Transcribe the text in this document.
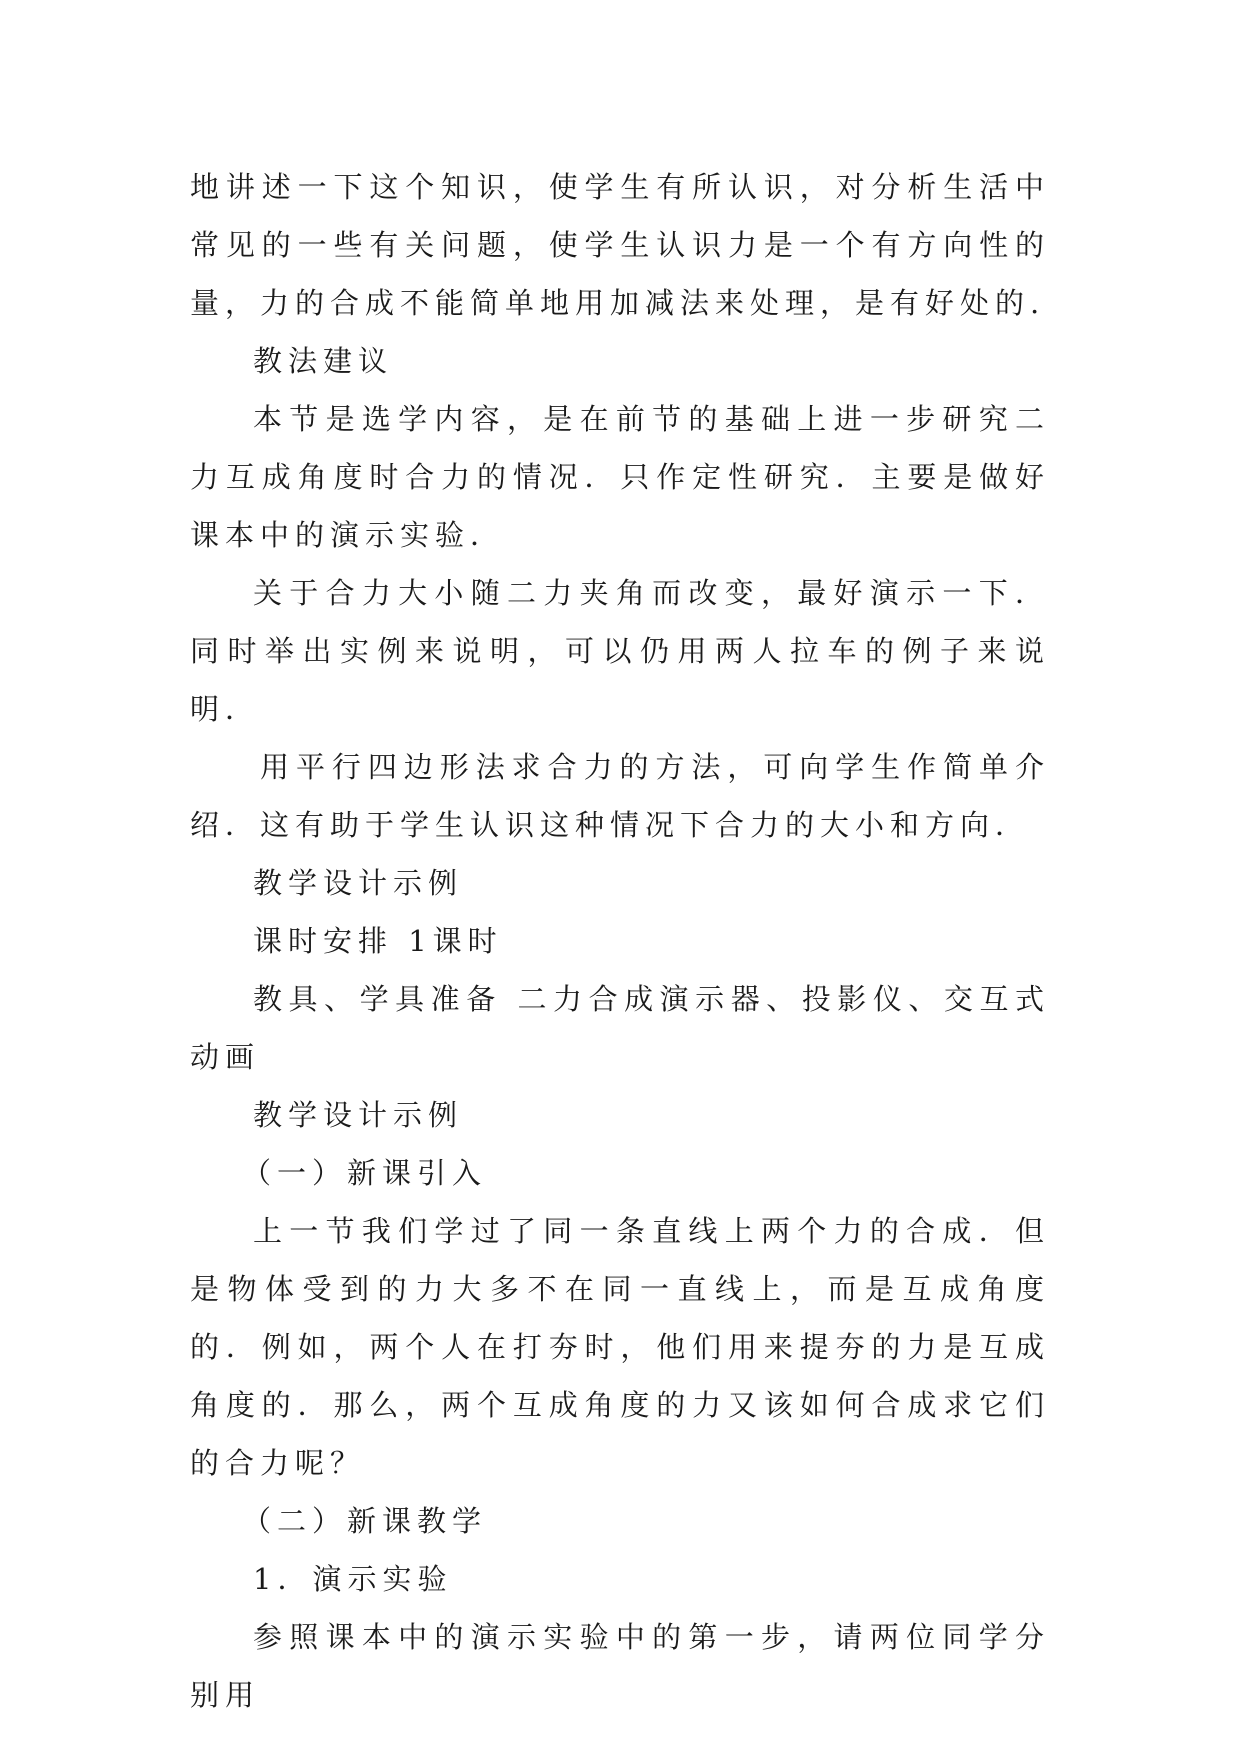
地讲述一下这个知识，使学生有所认识，对分析生活中常见的一些有关问题，使学生认识力是一个有方向性的量，力的合成不能简单地用加减法来处理，是有好处的.

教法建议

本节是选学内容，是在前节的基础上进一步研究二力互成角度时合力的情况．只作定性研究．主要是做好课本中的演示实验．

关于合力大小随二力夹角而改变，最好演示一下．同时举出实例来说明，可以仍用两人拉车的例子来说明．

用平行四边形法求合力的方法，可向学生作简单介绍．这有助于学生认识这种情况下合力的大小和方向．

教学设计示例

课时安排 1课时

教具、学具准备 二力合成演示器、投影仪、交互式动画

教学设计示例

（一）新课引入

上一节我们学过了同一条直线上两个力的合成．但是物体受到的力大多不在同一直线上，而是互成角度的．例如，两个人在打夯时，他们用来提夯的力是互成角度的．那么，两个互成角度的力又该如何合成求它们的合力呢？

（二）新课教学

1．演示实验

参照课本中的演示实验中的第一步，请两位同学分别用
